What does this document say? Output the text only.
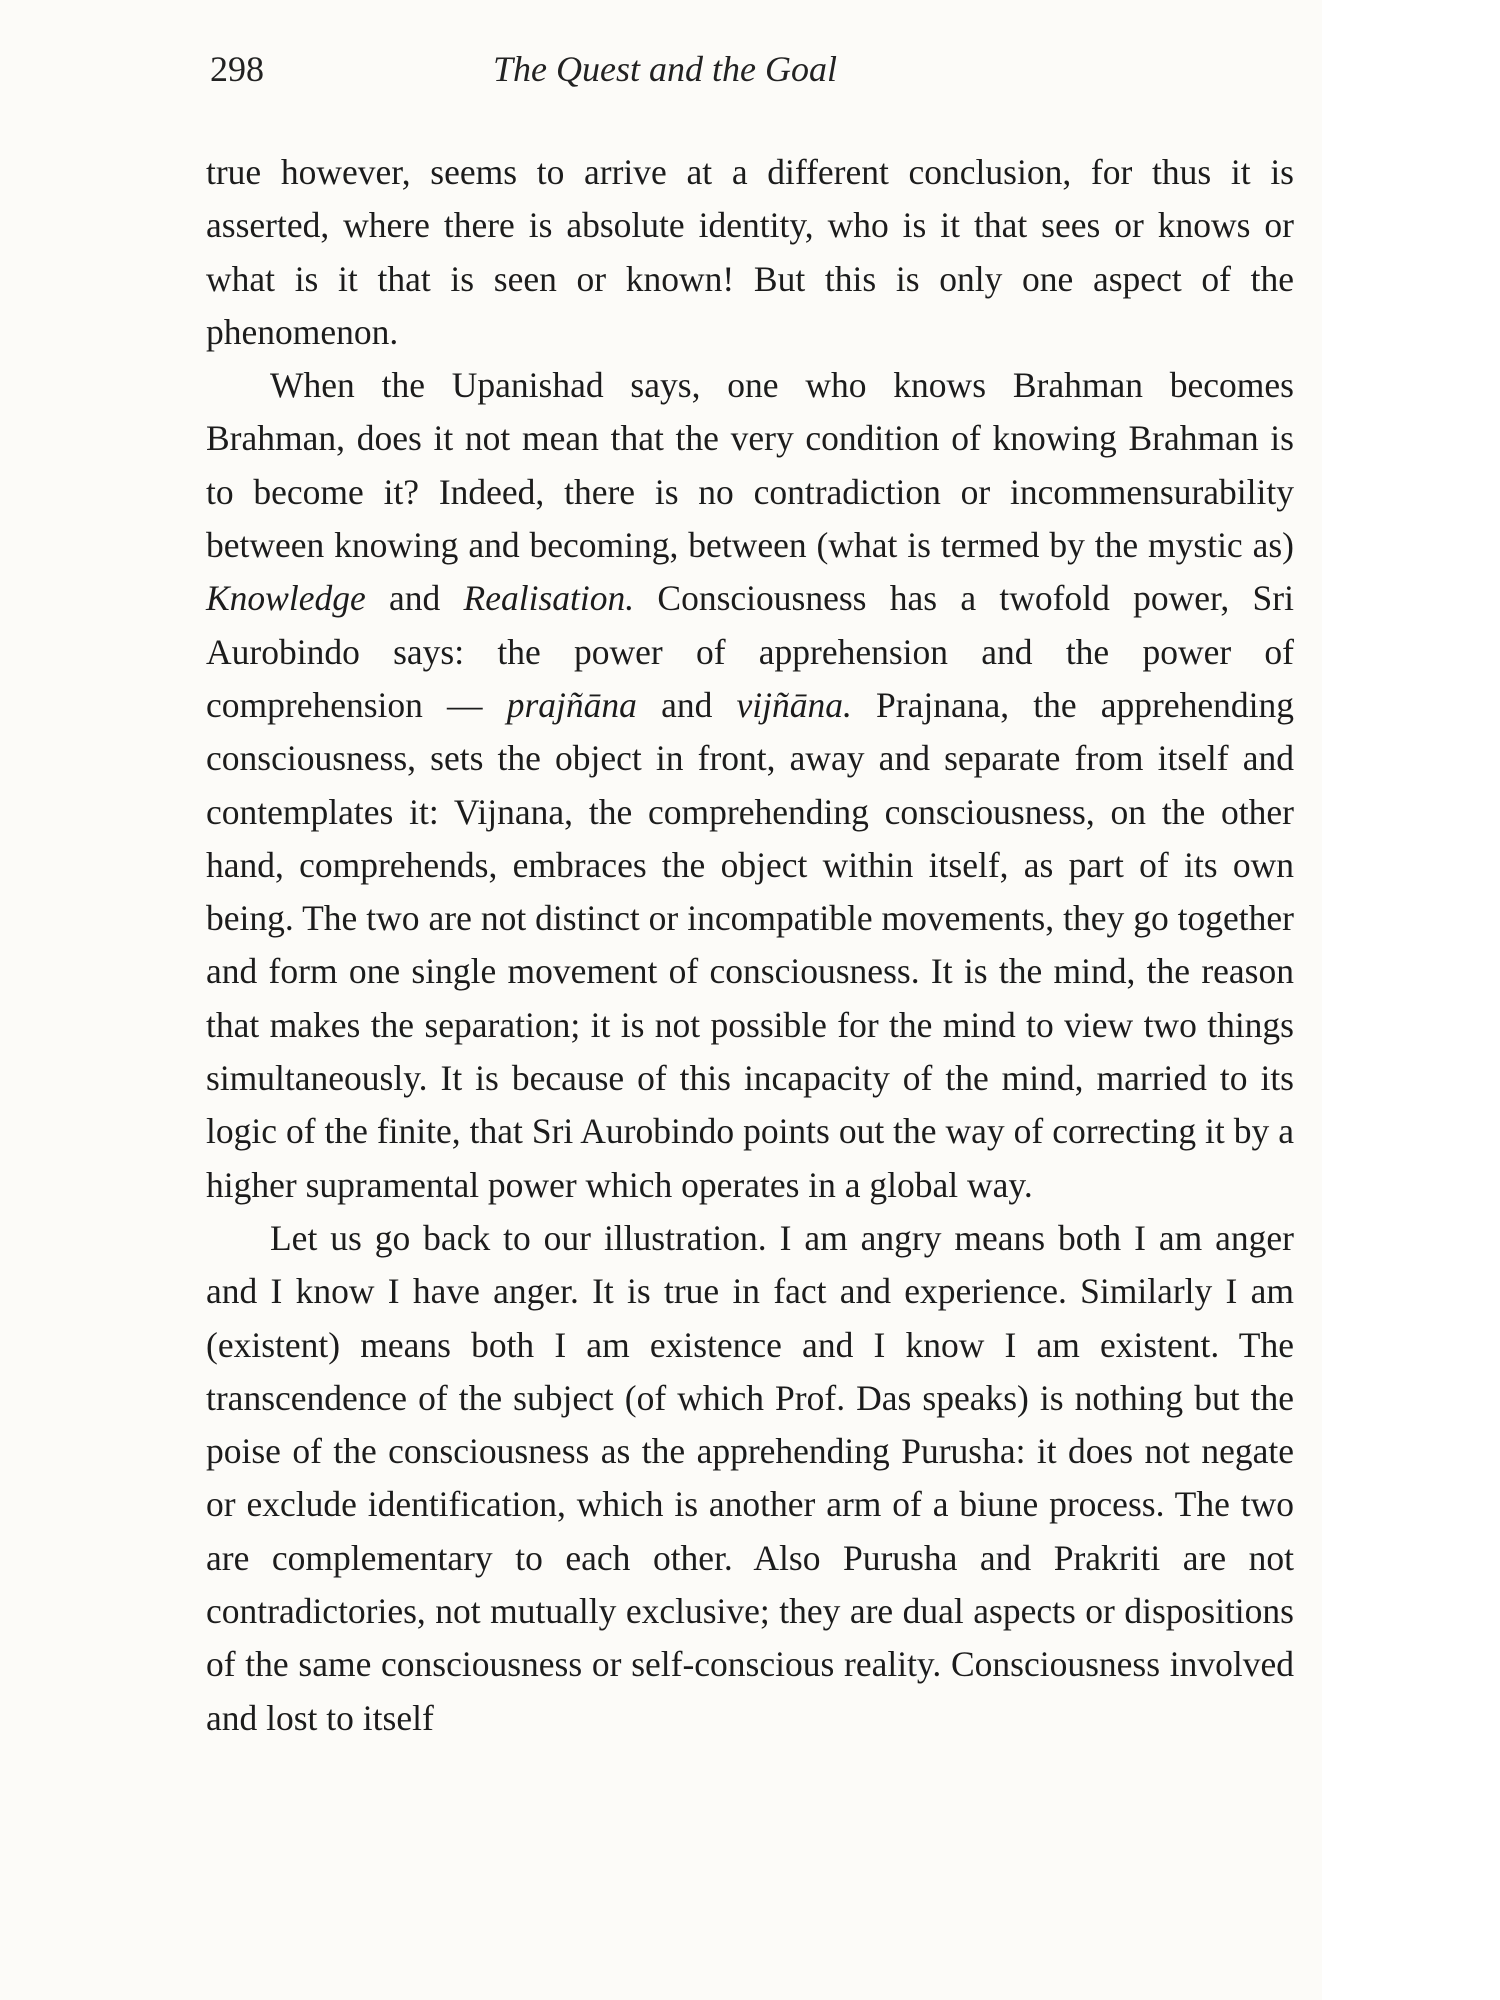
298	The Quest and the Goal

true however, seems to arrive at a different conclusion, for thus it is asserted, where there is absolute identity, who is it that sees or knows or what is it that is seen or known! But this is only one aspect of the phenomenon.

When the Upanishad says, one who knows Brahman becomes Brahman, does it not mean that the very condition of knowing Brahman is to become it? Indeed, there is no contradiction or incommensurability between knowing and becoming, between (what is termed by the mystic as) Knowledge and Realisation. Consciousness has a twofold power, Sri Aurobindo says: the power of apprehension and the power of comprehension — prajñāna and vijñāna. Prajnana, the apprehending consciousness, sets the object in front, away and separate from itself and contemplates it: Vijnana, the comprehending consciousness, on the other hand, comprehends, embraces the object within itself, as part of its own being. The two are not distinct or incompatible movements, they go together and form one single movement of consciousness. It is the mind, the reason that makes the separation; it is not possible for the mind to view two things simultaneously. It is because of this incapacity of the mind, married to its logic of the finite, that Sri Aurobindo points out the way of correcting it by a higher supramental power which operates in a global way.

Let us go back to our illustration. I am angry means both I am anger and I know I have anger. It is true in fact and experience. Similarly I am (existent) means both I am existence and I know I am existent. The transcendence of the subject (of which Prof. Das speaks) is nothing but the poise of the consciousness as the apprehending Purusha: it does not negate or exclude identification, which is another arm of a biune process. The two are complementary to each other. Also Purusha and Prakriti are not contradictories, not mutually exclusive; they are dual aspects or dispositions of the same consciousness or self-conscious reality. Consciousness involved and lost to itself
